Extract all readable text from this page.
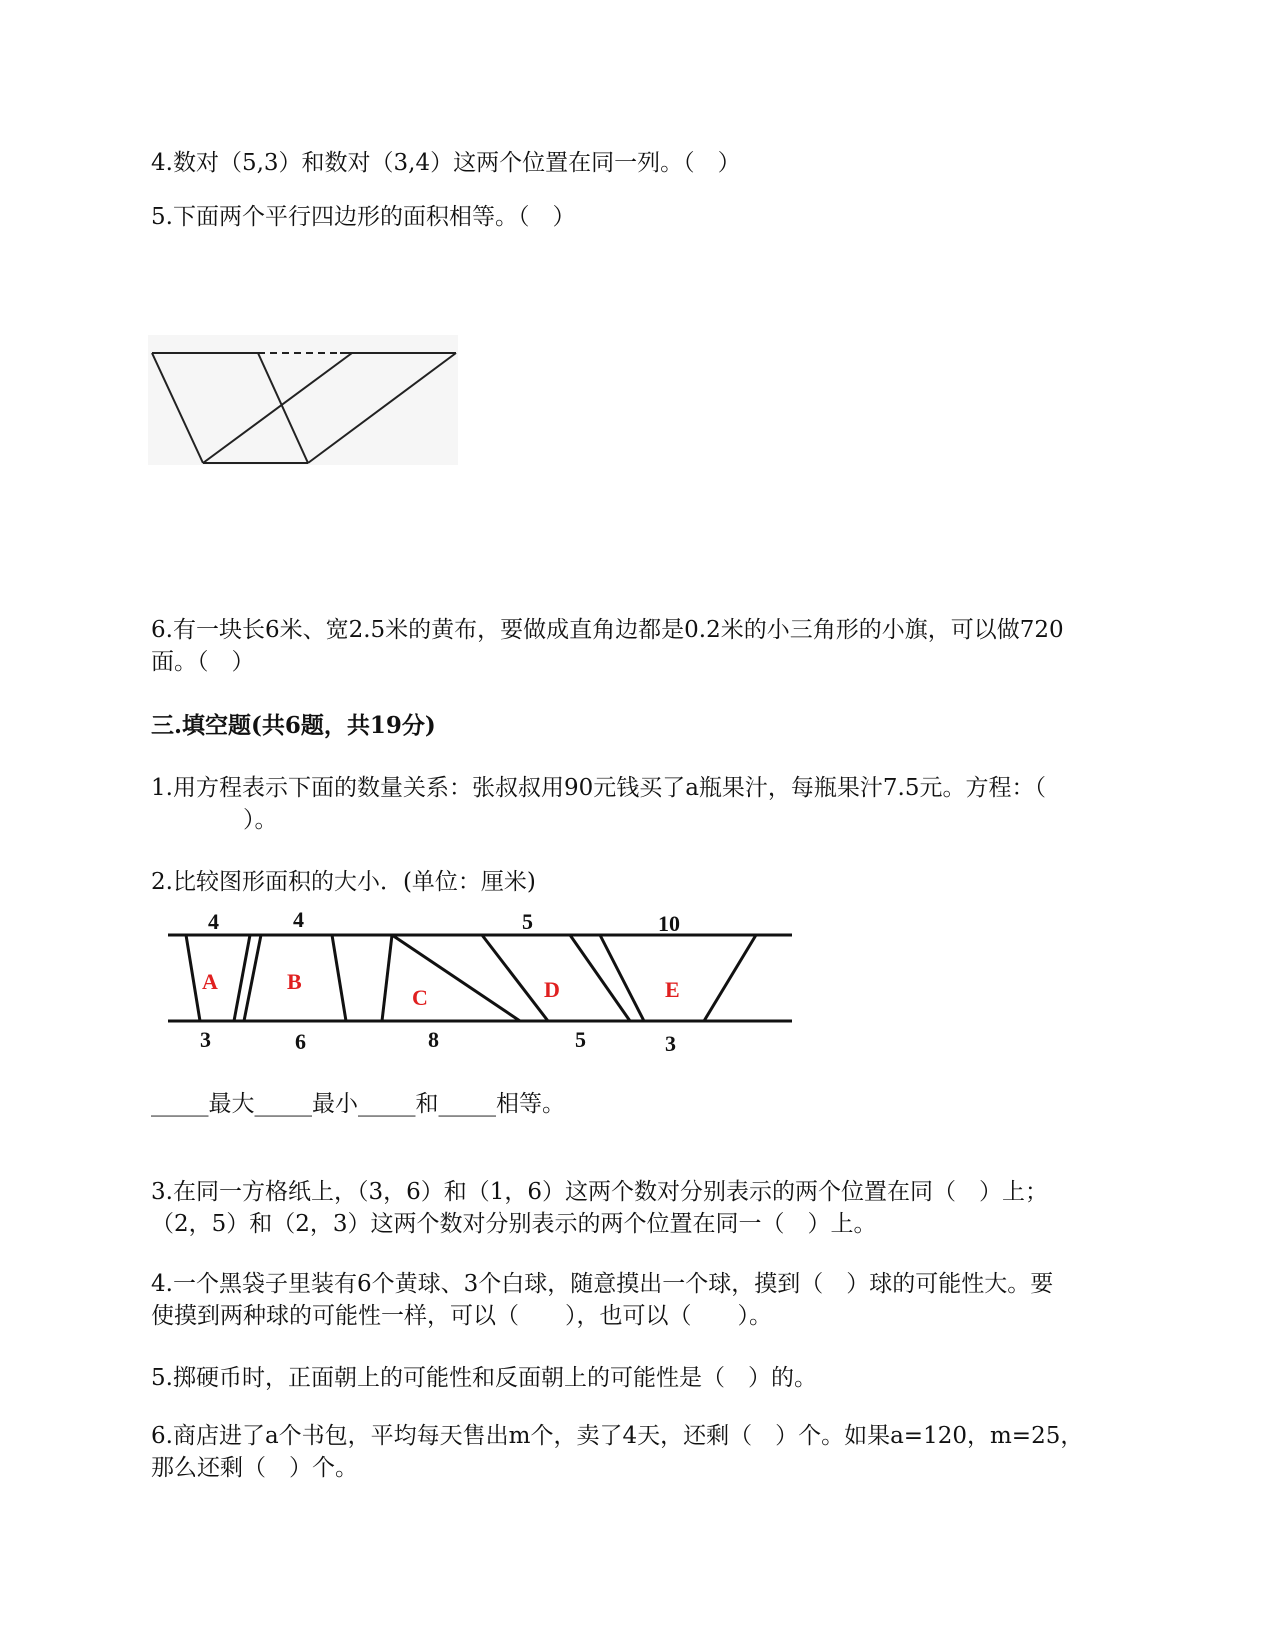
4.数对（5,3）和数对（3,4）这两个位置在同一列。（　）
5.下面两个平行四边形的面积相等。（　）
6.有一块长6米、宽2.5米的黄布，要做成直角边都是0.2米的小三角形的小旗，可以做720
面。（　）
三.填空题(共6题，共19分)
1.用方程表示下面的数量关系：张叔叔用90元钱买了a瓶果汁，每瓶果汁7.5元。方程：（
　　　　）。
2.比较图形面积的大小．(单位：厘米)
4	4	5	10
3	6	8	5	3
A	B
C	D	E
_____最大_____最小_____和_____相等。
3.在同一方格纸上，（3，6）和（1，6）这两个数对分别表示的两个位置在同（　）上；
（2，5）和（2，3）这两个数对分别表示的两个位置在同一（　）上。
4.一个黑袋子里装有6个黄球、3个白球，随意摸出一个球，摸到（　）球的可能性大。要
使摸到两种球的可能性一样，可以（　　），也可以（　　）。
5.掷硬币时，正面朝上的可能性和反面朝上的可能性是（　）的。
6.商店进了a个书包，平均每天售出m个，卖了4天，还剩（　）个。如果a=120，m=25，
那么还剩（　）个。
